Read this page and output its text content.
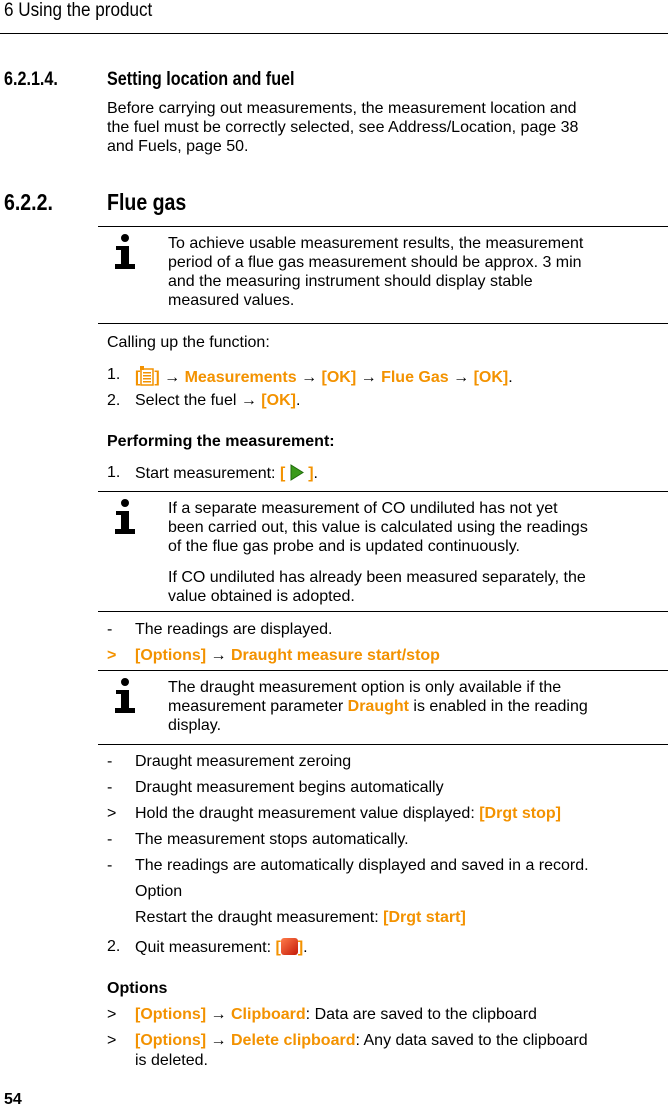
6 Using the product
6.2.1.4.	Setting location and fuel
Before carrying out measurements, the measurement location and
the fuel must be correctly selected, see Address/Location, page 38
and Fuels, page 50.
6.2.2. Flue gas
To achieve usable measurement results, the measurement
period of a flue gas measurement should be approx. 3 min
and the measuring instrument should display stable
measured values.
Calling up the function:
1. [ ] → Measurements → [OK] → Flue Gas → [OK].
2. Select the fuel → [OK].
Performing the measurement:
1. Start measurement: [ ].
If a separate measurement of CO undiluted has not yet
been carried out, this value is calculated using the readings
of the flue gas probe and is updated continuously.
If CO undiluted has already been measured separately, the
value obtained is adopted.
- The readings are displayed.
> [Options] → Draught measure start/stop
The draught measurement option is only available if the
measurement parameter Draught is enabled in the reading
display.
- Draught measurement zeroing
- Draught measurement begins automatically
> Hold the draught measurement value displayed: [Drgt stop]
- The measurement stops automatically.
- The readings are automatically displayed and saved in a record.
Option
Restart the draught measurement: [Drgt start]
2. Quit measurement: [ ].
Options
> [Options] → Clipboard: Data are saved to the clipboard
> [Options] → Delete clipboard: Any data saved to the clipboard
is deleted.
54
